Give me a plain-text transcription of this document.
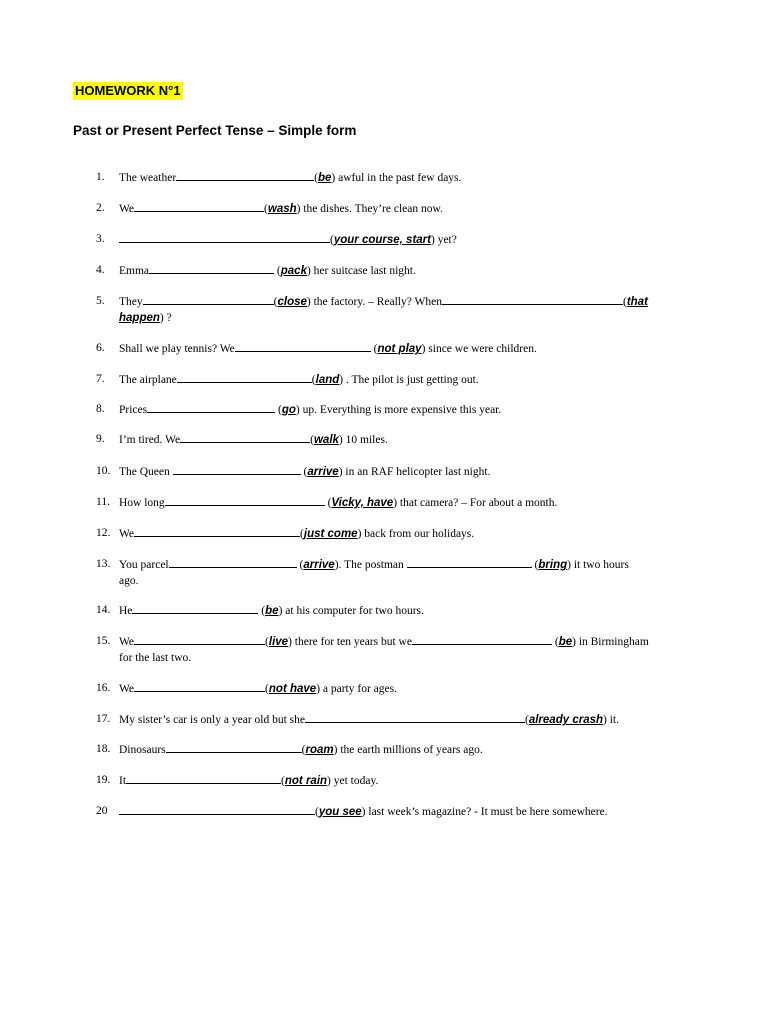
HOMEWORK N°1
Past or Present Perfect Tense – Simple form
1. The weather	(be) awful in the past few days.
2. We	(wash) the dishes. They’re clean now.
3.	(your course, start) yet?
4. Emma	(pack) her suitcase last night.
5. They	(close) the factory. – Really? When	(that
happen) ?
6. Shall we play tennis? We	(not play) since we were children.
7. The airplane	(land) . The pilot is just getting out.
8. Prices	(go) up. Everything is more expensive this year.
9. I’m tired. We	(walk) 10 miles.
10. The Queen	(arrive) in an RAF helicopter last night.
11. How long	(Vicky, have) that camera? – For about a month.
12. We	(just come) back from our holidays.
13. You parcel	(arrive). The postman	(bring) it two hours
ago.
14. He	(be) at his computer for two hours.
15. We	(live) there for ten years but we	(be) in Birmingham
for the last two.
16. We	(not have) a party for ages.
17. My sister’s car is only a year old but she	(already crash) it.
18. Dinosaurs	(roam) the earth millions of years ago.
19. It	(not rain) yet today.
20	(you see) last week’s magazine? - It must be here somewhere.
